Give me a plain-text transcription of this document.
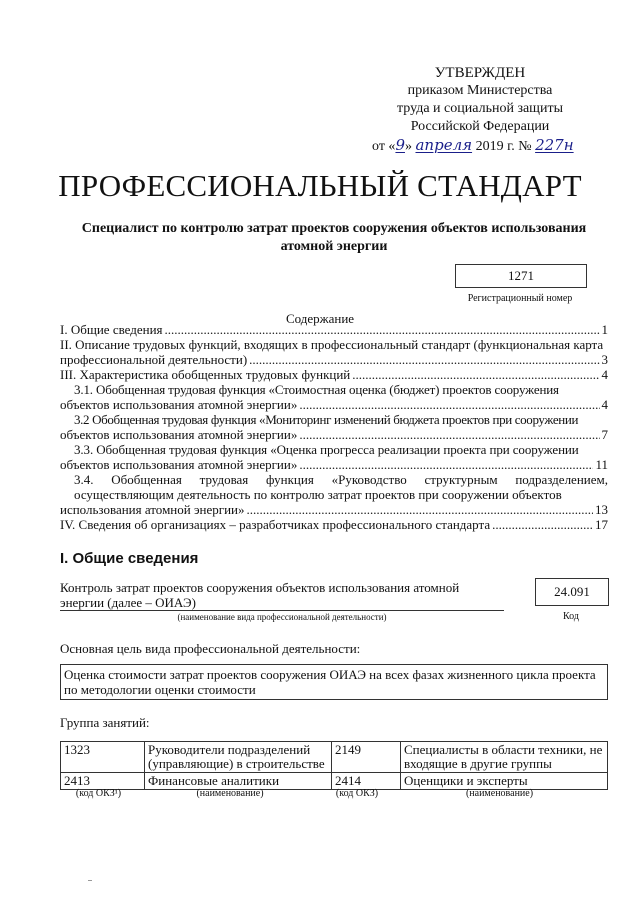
УТВЕРЖДЕН
приказом Министерства
труда и социальной защиты
Российской Федерации
от «9» апреля 2019 г. № 227н
ПРОФЕССИОНАЛЬНЫЙ СТАНДАРТ
Специалист по контролю затрат проектов сооружения объектов использования атомной энергии
1271
Регистрационный номер
Содержание
I. Общие сведения .....	1
II. Описание трудовых функций, входящих в профессиональный стандарт (функциональная карта
профессиональной деятельности) .....	3
III. Характеристика обобщенных трудовых функций .....	4
3.1. Обобщенная трудовая функция «Стоимостная оценка (бюджет) проектов сооружения
объектов использования атомной энергии» .....	4
3.2 Обобщенная трудовая функция «Мониторинг изменений бюджета проектов при сооружении
объектов использования атомной энергии» .....	7
3.3. Обобщенная трудовая функция «Оценка прогресса реализации проекта при сооружении
объектов использования атомной энергии» .....	11
3.4. Обобщенная трудовая функция «Руководство структурным подразделением, осуществляющим деятельность по контролю затрат проектов при сооружении объектов
использования атомной энергии» .....	13
IV. Сведения об организациях – разработчиках профессионального стандарта .....	17
I. Общие сведения
Контроль затрат проектов сооружения объектов использования атомной энергии (далее – ОИАЭ)
(наименование вида профессиональной деятельности)
24.091
Код
Основная цель вида профессиональной деятельности:
Оценка стоимости затрат проектов сооружения ОИАЭ на всех фазах жизненного цикла проекта по методологии оценки стоимости
Группа занятий:
1323	Руководители подразделений (управляющие) в строительстве	2149	Специалисты в области техники, не входящие в другие группы
2413	Финансовые аналитики	2414	Оценщики и эксперты
(код ОКЗ¹)	(наименование)	(код ОКЗ)	(наименование)
